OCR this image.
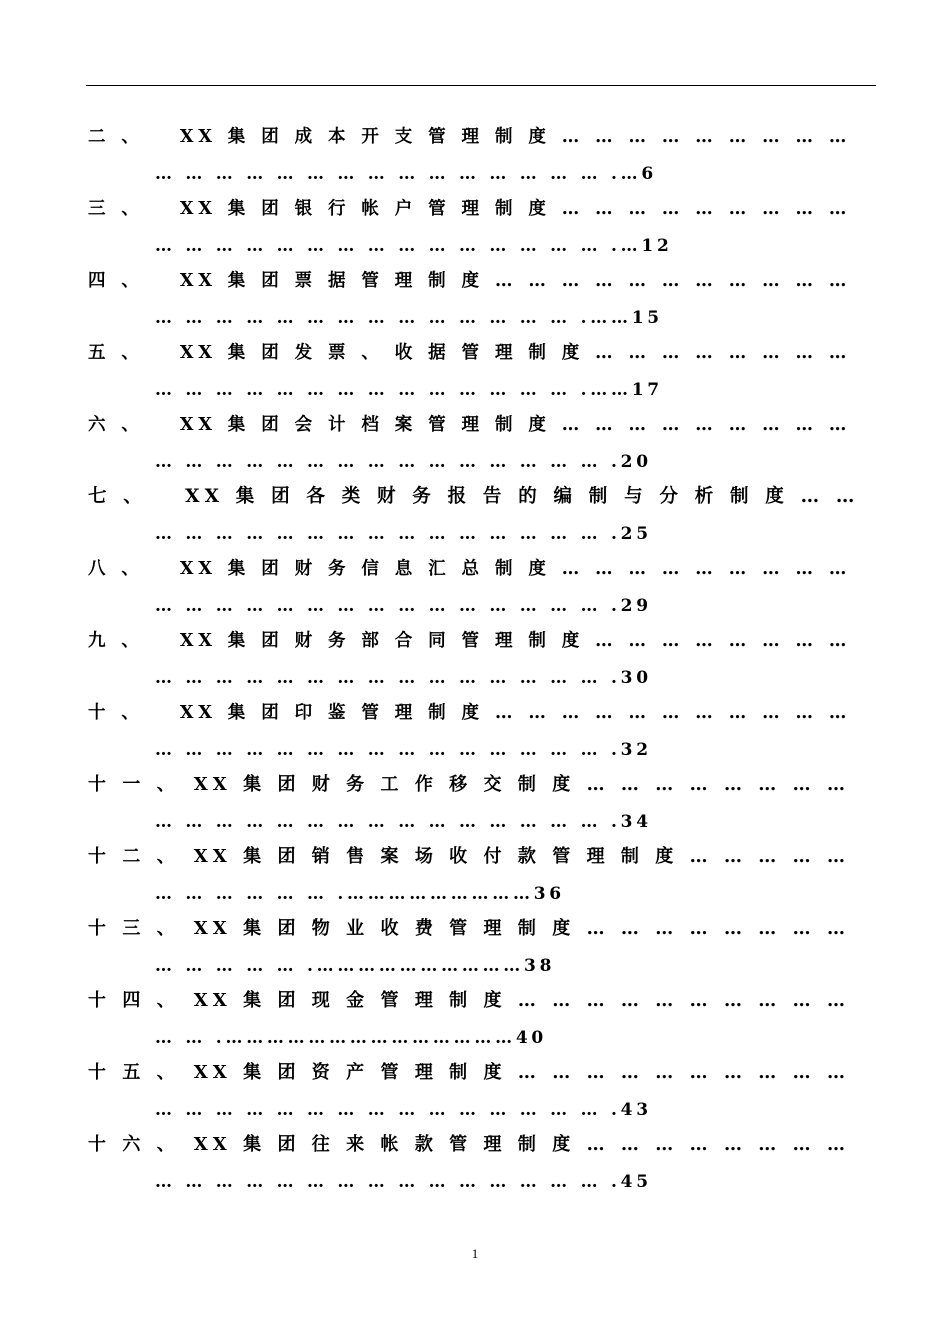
二 、　　	XX 集 团 成 本 开 支 管 理 制 度 … … … … … … … … …
… … … … … … … … … … … … … … … .…6
三 、　　	XX 集 团 银 行 帐 户 管 理 制 度 … … … … … … … … …
… … … … … … … … … … … … … … … .…12
四 、　　	XX 集 团 票 据 管 理 制 度 … … … … … … … … … … …
… … … … … … … … … … … … … … .……15
五 、　　	XX 集 团 发 票 、 收 据 管 理 制 度 … … … … … … … …
… … … … … … … … … … … … … … .……17
六 、　　	XX 集 团 会 计 档 案 管 理 制 度 … … … … … … … … …
… … … … … … … … … … … … … … … .20
七 、　　	XX 集 团 各 类 财 务 报 告 的 编 制 与 分 析 制 度 … …
… … … … … … … … … … … … … … … .25
八 、　　	XX 集 团 财 务 信 息 汇 总 制 度 … … … … … … … … …
… … … … … … … … … … … … … … … .29
九 、　　	XX 集 团 财 务 部 合 同 管 理 制 度 … … … … … … … …
… … … … … … … … … … … … … … … .30
十 、　　	XX 集 团 印 鉴 管 理 制 度 … … … … … … … … … … …
… … … … … … … … … … … … … … … .32
十 一 、　 XX 集 团 财 务 工 作 移 交 制 度 … … … … … … … …
… … … … … … … … … … … … … … … .34
十 二 、　 XX 集 团 销 售 案 场 收 付 款 管 理 制 度 … … … … …
… … … … … … .………………………36
十 三 、　 XX 集 团 物 业 收 费 管 理 制 度 … … … … … … … …
… … … … … .…………………………38
十 四 、　 XX 集 团 现 金 管 理 制 度 … … … … … … … … … …
… … .……………………………………40
十 五 、　 XX 集 团 资 产 管 理 制 度 … … … … … … … … … …
… … … … … … … … … … … … … … … .43
十 六 、　 XX 集 团 往 来 帐 款 管 理 制 度 … … … … … … … …
… … … … … … … … … … … … … … … .45
1
